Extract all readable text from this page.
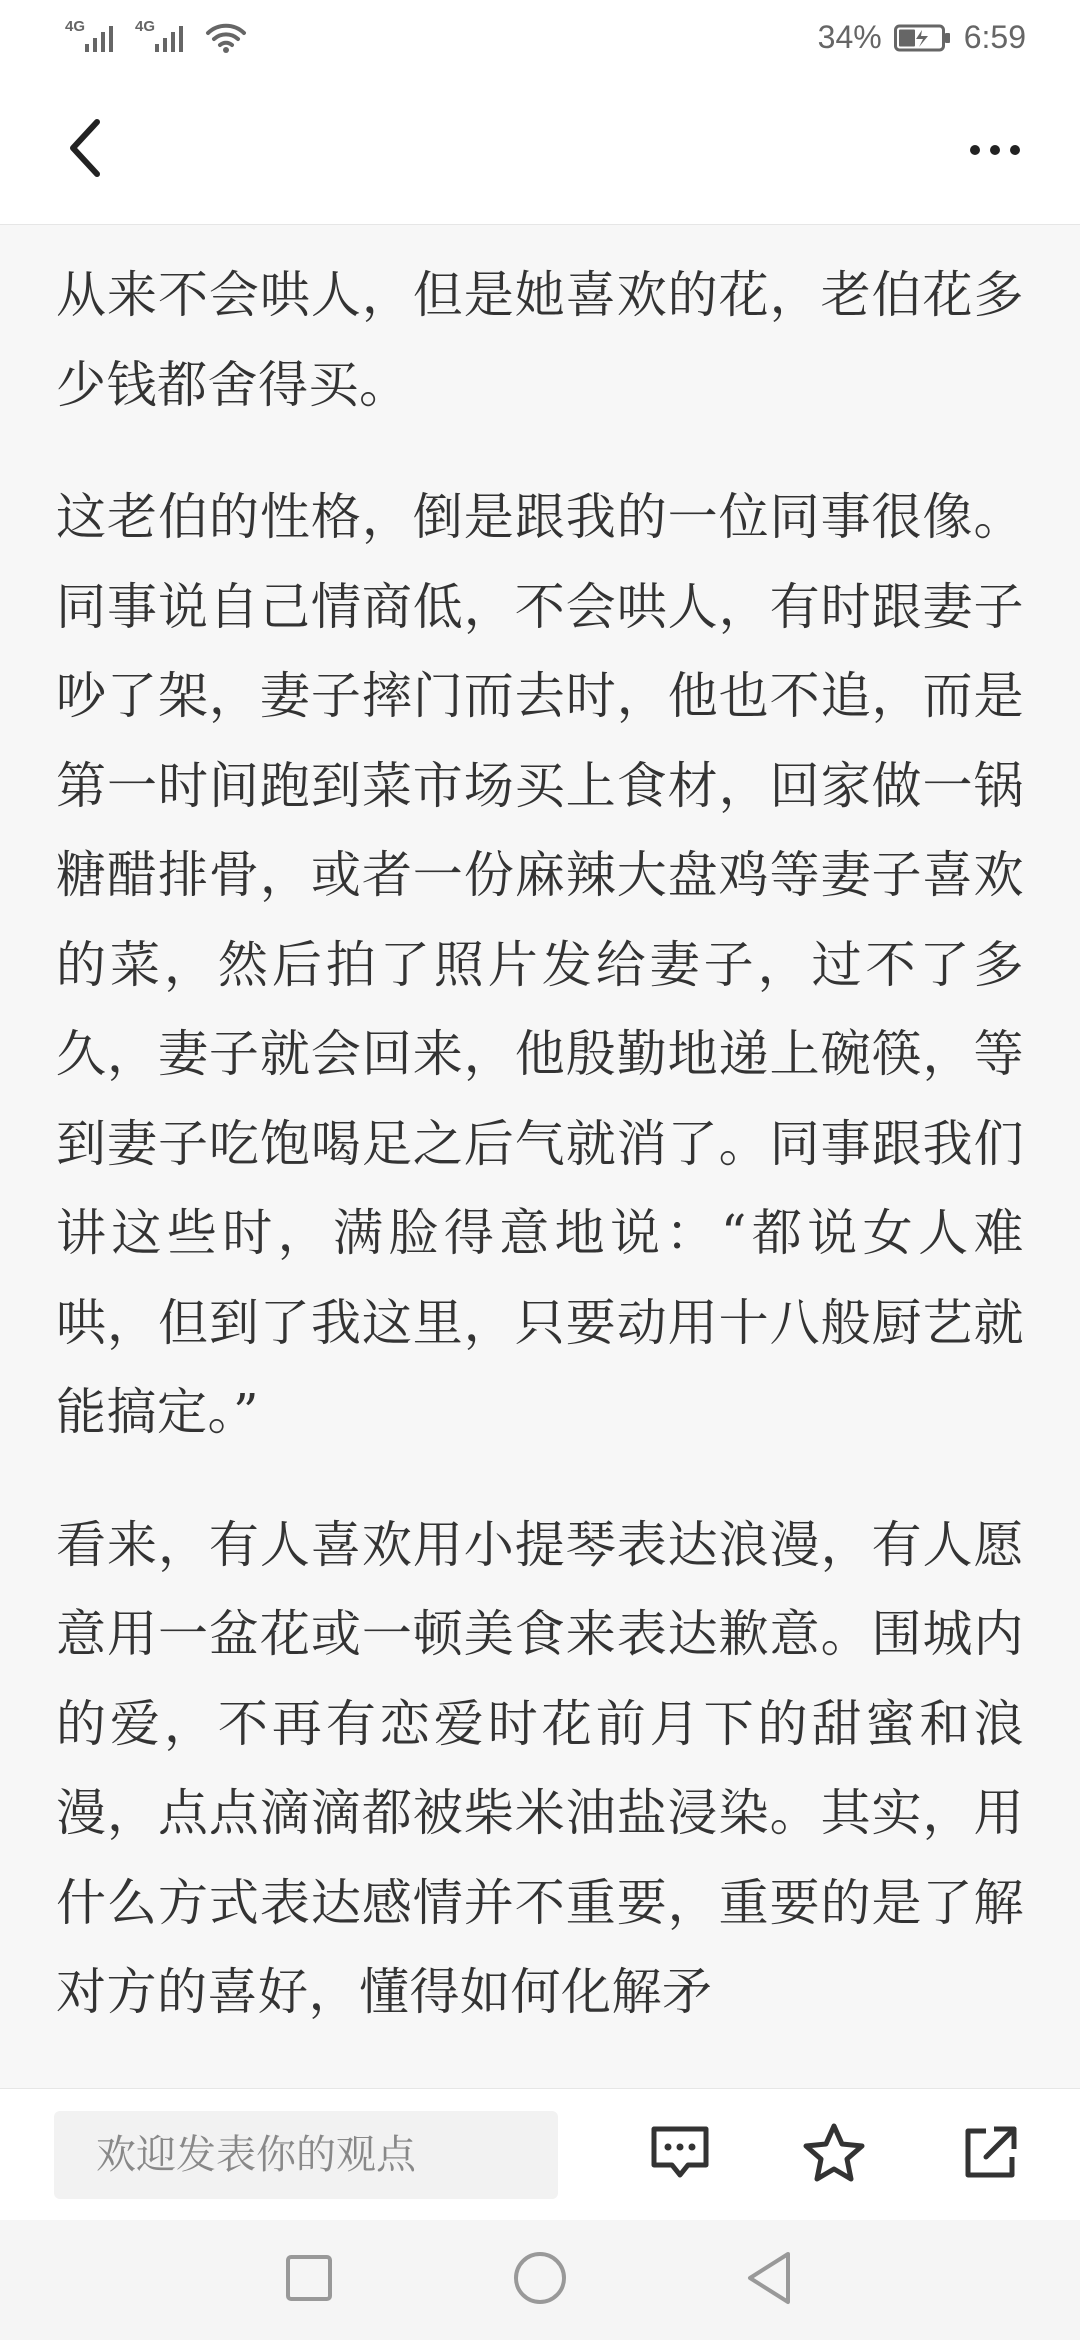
4G	4G	34%	6:59

从来不会哄人，但是她喜欢的花，老伯花多少钱都舍得买。

这老伯的性格，倒是跟我的一位同事很像。同事说自己情商低，不会哄人，有时跟妻子吵了架，妻子摔门而去时，他也不追，而是第一时间跑到菜市场买上食材，回家做一锅糖醋排骨，或者一份麻辣大盘鸡等妻子喜欢的菜，然后拍了照片发给妻子，过不了多久，妻子就会回来，他殷勤地递上碗筷，等到妻子吃饱喝足之后气就消了。同事跟我们讲这些时，满脸得意地说：“都说女人难哄，但到了我这里，只要动用十八般厨艺就能搞定。”

看来，有人喜欢用小提琴表达浪漫，有人愿意用一盆花或一顿美食来表达歉意。围城内的爱，不再有恋爱时花前月下的甜蜜和浪漫，点点滴滴都被柴米油盐浸染。其实，用什么方式表达感情并不重要，重要的是了解对方的喜好，懂得如何化解矛

欢迎发表你的观点
